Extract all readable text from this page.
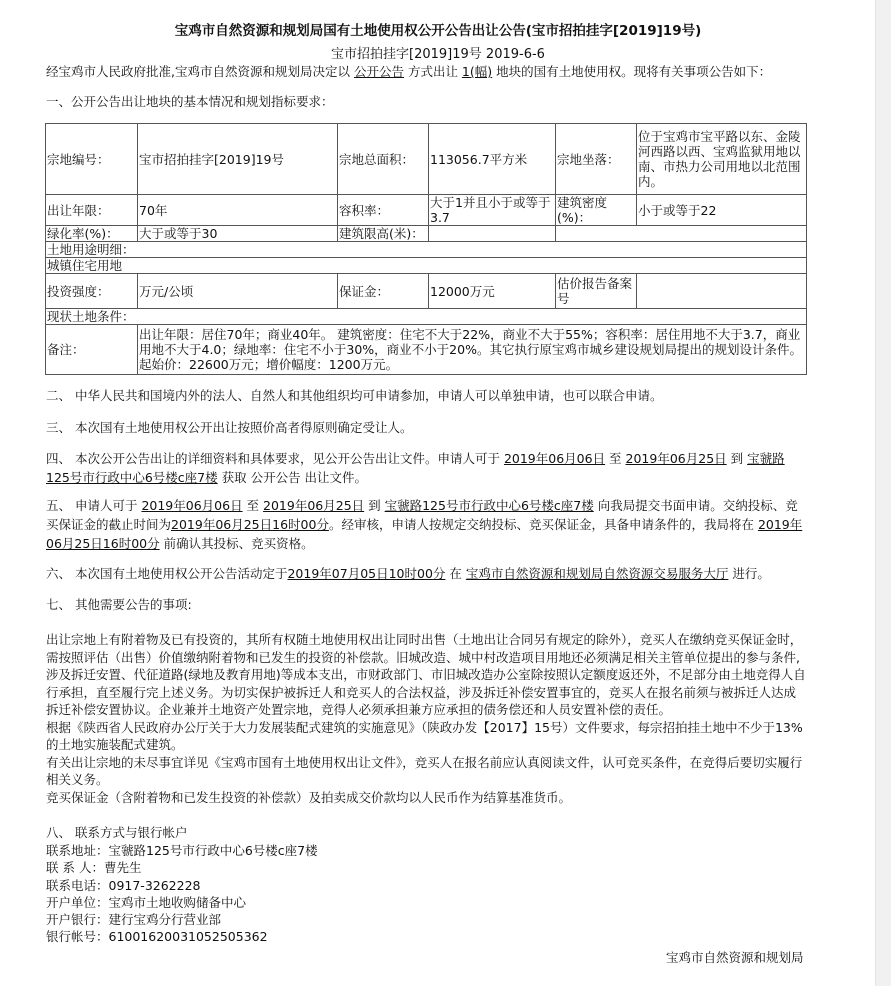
宝鸡市自然资源和规划局国有土地使用权公开公告出让公告(宝市招拍挂字[2019]19号)
宝市招拍挂字[2019]19号 2019-6-6
经宝鸡市人民政府批准,宝鸡市自然资源和规划局决定以 公开公告 方式出让 1(幅) 地块的国有土地使用权。现将有关事项公告如下：
一、公开公告出让地块的基本情况和规划指标要求：
宗地编号：	宝市招拍挂字[2019]19号	宗地总面积：	113056.7平方米	宗地坐落：	位于宝鸡市宝平路以东、金陵河西路以西、宝鸡监狱用地以南、市热力公司用地以北范围内。
出让年限：	70年	容积率：	大于1并且小于或等于3.7	建筑密度(%)：	小于或等于22
绿化率(%)：	大于或等于30	建筑限高(米)：			
土地用途明细：					
城镇住宅用地					
投资强度：	万元/公顷	保证金：	12000万元	估价报告备案号	
现状土地条件：					
备注：	出让年限：居住70年；商业40年。 建筑密度：住宅不大于22%，商业不大于55%；容积率：居住用地不大于3.7，商业用地不大于4.0；绿地率：住宅不小于30%，商业不小于20%。其它执行原宝鸡市城乡建设规划局提出的规划设计条件。起始价：22600万元；增价幅度：1200万元。				
二、 中华人民共和国境内外的法人、自然人和其他组织均可申请参加，申请人可以单独申请，也可以联合申请。
三、 本次国有土地使用权公开出让按照价高者得原则确定受让人。
四、 本次公开公告出让的详细资料和具体要求，见公开公告出让文件。申请人可于 2019年06月06日 至 2019年06月25日 到 宝虢路125号市行政中心6号楼c座7楼 获取 公开公告 出让文件。
五、 申请人可于 2019年06月06日 至 2019年06月25日 到 宝虢路125号市行政中心6号楼c座7楼 向我局提交书面申请。交纳投标、竞买保证金的截止时间为2019年06月25日16时00分。经审核，申请人按规定交纳投标、竞买保证金，具备申请条件的，我局将在 2019年06月25日16时00分 前确认其投标、竞买资格。
六、 本次国有土地使用权公开公告活动定于2019年07月05日10时00分 在 宝鸡市自然资源和规划局自然资源交易服务大厅 进行。
七、 其他需要公告的事项:
出让宗地上有附着物及已有投资的，其所有权随土地使用权出让同时出售（土地出让合同另有规定的除外），竞买人在缴纳竞买保证金时，需按照评估（出售）价值缴纳附着物和已发生的投资的补偿款。旧城改造、城中村改造项目用地还必须满足相关主管单位提出的参与条件,涉及拆迁安置、代征道路(绿地及教育用地)等成本支出，市财政部门、市旧城改造办公室除按照认定额度返还外，不足部分由土地竞得人自行承担，直至履行完上述义务。为切实保护被拆迁人和竞买人的合法权益，涉及拆迁补偿安置事宜的，竞买人在报名前须与被拆迁人达成拆迁补偿安置协议。企业兼并土地资产处置宗地，竞得人必须承担兼方应承担的债务偿还和人员安置补偿的责任。
根据《陕西省人民政府办公厅关于大力发展装配式建筑的实施意见》（陕政办发【2017】15号）文件要求，每宗招拍挂土地中不少于13%的土地实施装配式建筑。
有关出让宗地的未尽事宜详见《宝鸡市国有土地使用权出让文件》，竞买人在报名前应认真阅读文件，认可竞买条件，在竞得后要切实履行相关义务。
竞买保证金（含附着物和已发生投资的补偿款）及拍卖成交价款均以人民币作为结算基准货币。
八、 联系方式与银行帐户
联系地址：宝虢路125号市行政中心6号楼c座7楼
联 系 人：曹先生
联系电话：0917-3262228
开户单位：宝鸡市土地收购储备中心
开户银行：建行宝鸡分行营业部
银行帐号：61001620031052505362
宝鸡市自然资源和规划局
